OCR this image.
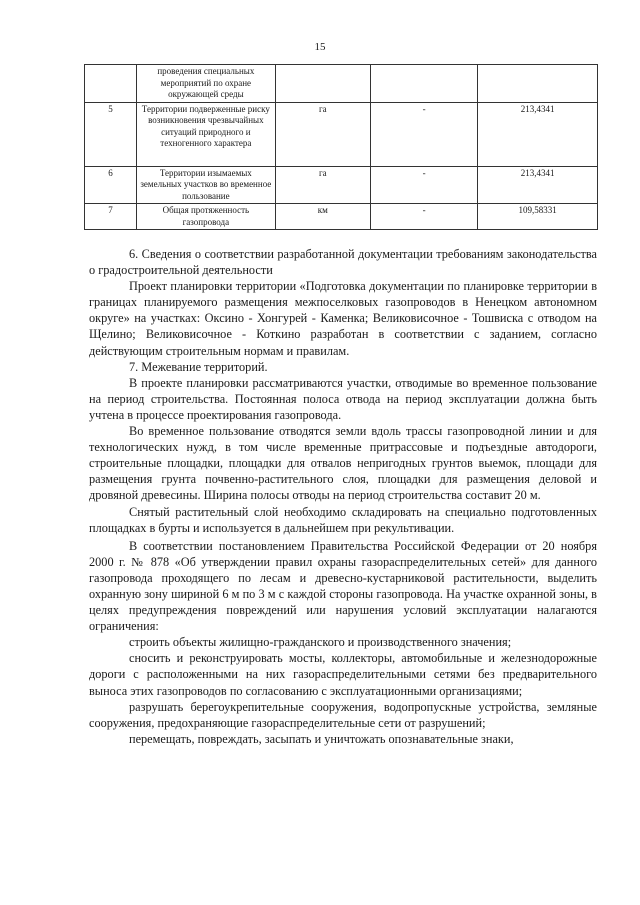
15
	проведения специальных мероприятий по охране окружающей среды			
5	Территории подверженные риску возникновения чрезвычайных ситуаций природного и техногенного характера	га	-	213,4341
6	Территории изымаемых земельных участков во временное пользование	га	-	213,4341
7	Общая протяженность газопровода	км	-	109,58331

6. Сведения о соответствии разработанной документации требованиям законодательства о градостроительной деятельности

Проект планировки территории «Подготовка документации по планировке территории в границах планируемого размещения межпоселковых газопроводов в Ненецком автономном округе» на участках: Оксино - Хонгурей - Каменка; Великовисочное - Тошвиска с отводом на Щелино; Великовисочное - Коткино разработан в соответствии с заданием, согласно действующим строительным нормам и правилам.

7. Межевание территорий.

В проекте планировки рассматриваются участки, отводимые во временное пользование на период строительства. Постоянная полоса отвода на период эксплуатации должна быть учтена в процессе проектирования газопровода.

Во временное пользование отводятся земли вдоль трассы газопроводной линии и для технологических нужд, в том числе временные притрассовые и подъездные автодороги, строительные площадки, площадки для отвалов непригодных грунтов выемок, площади для размещения грунта почвенно-растительного слоя, площадки для размещения деловой и дровяной древесины. Ширина полосы отводы на период строительства составит 20 м.

Снятый растительный слой необходимо складировать на специально подготовленных площадках в бурты и используется в дальнейшем при рекультивации.

В соответствии постановлением Правительства Российской Федерации от 20 ноября 2000 г. № 878 «Об утверждении правил охраны газораспределительных сетей» для данного газопровода проходящего по лесам и древесно-кустарниковой растительности, выделить охранную зону шириной 6 м по 3 м с каждой стороны газопровода. На участке охранной зоны, в целях предупреждения повреждений или нарушения условий эксплуатации налагаются ограничения:

строить объекты жилищно-гражданского и производственного значения;

сносить и реконструировать мосты, коллекторы, автомобильные и железнодорожные дороги с расположенными на них газораспределительными сетями без предварительного выноса этих газопроводов по согласованию с эксплуатационными организациями;

разрушать берегоукрепительные сооружения, водопропускные устройства, земляные сооружения, предохраняющие газораспределительные сети от разрушений;

перемещать, повреждать, засыпать и уничтожать опознавательные знаки,
